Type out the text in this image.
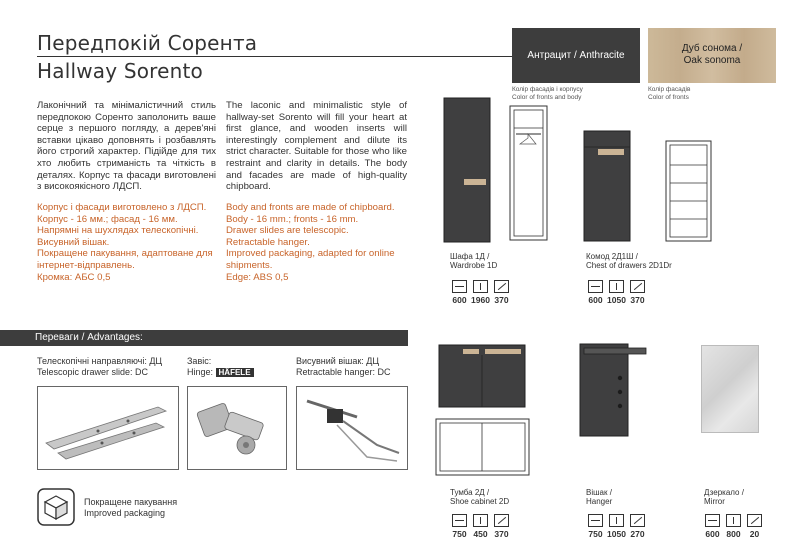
Передпокій Сорента
Hallway Sorento
Антрацит / Anthracite
Дуб сонома /
Oak sonoma
Колір фасадів і корпусу
Color of fronts and body
Колір фасадів
Color of fronts
Лаконічний та мінімалістичний стиль передпокою Соренто заполонить ваше серце з першого погляду, а дерев'яні вставки цікаво доповнять і розбавлять його строгий характер. Підійде для тих хто любить стриманість та чіткість в деталях. Корпус та фасади виготовлені з високоякісного ЛДСП.
The laconic and minimalistic style of hallway-set Sorento will fill your heart at first glance, and wooden inserts will interestingly complement and dilute its strict character. Suitable for those who like restraint and clarity in details. The body and facades are made of high-quality chipboard.
Корпус і фасади виготовлено з ЛДСП.
Корпус - 16 мм.; фасад - 16 мм.
Напрямні на шухлядах телескопічні.
Висувний вішак.
Покращене пакування, адаптоване для інтернет-відправлень.
Кромка: АБС 0,5
Body and fronts are made of chipboard.
Body - 16 mm.; fronts - 16 mm.
Drawer slides are telescopic.
Retractable hanger.
Improved packaging, adapted for online shipments.
Edge: ABS 0,5
Шафа 1Д /
Wardrobe 1D
600 1960 370
Комод 2Д1Ш /
Chest of drawers 2D1Dr
600 1050 370
Тумба 2Д /
Shoe cabinet 2D
750 450 370
Вішак /
Hanger
750 1050 270
Дзеркало /
Mirror
600 800	20
Переваги / Advantages:
Телескопічні направляючі: ДЦ
Telescopic drawer slide: DC
Завіс:
Hinge: HÄFELE
Висувний вішак: ДЦ
Retractable hanger: DC
Покращене пакування
Improved packaging
